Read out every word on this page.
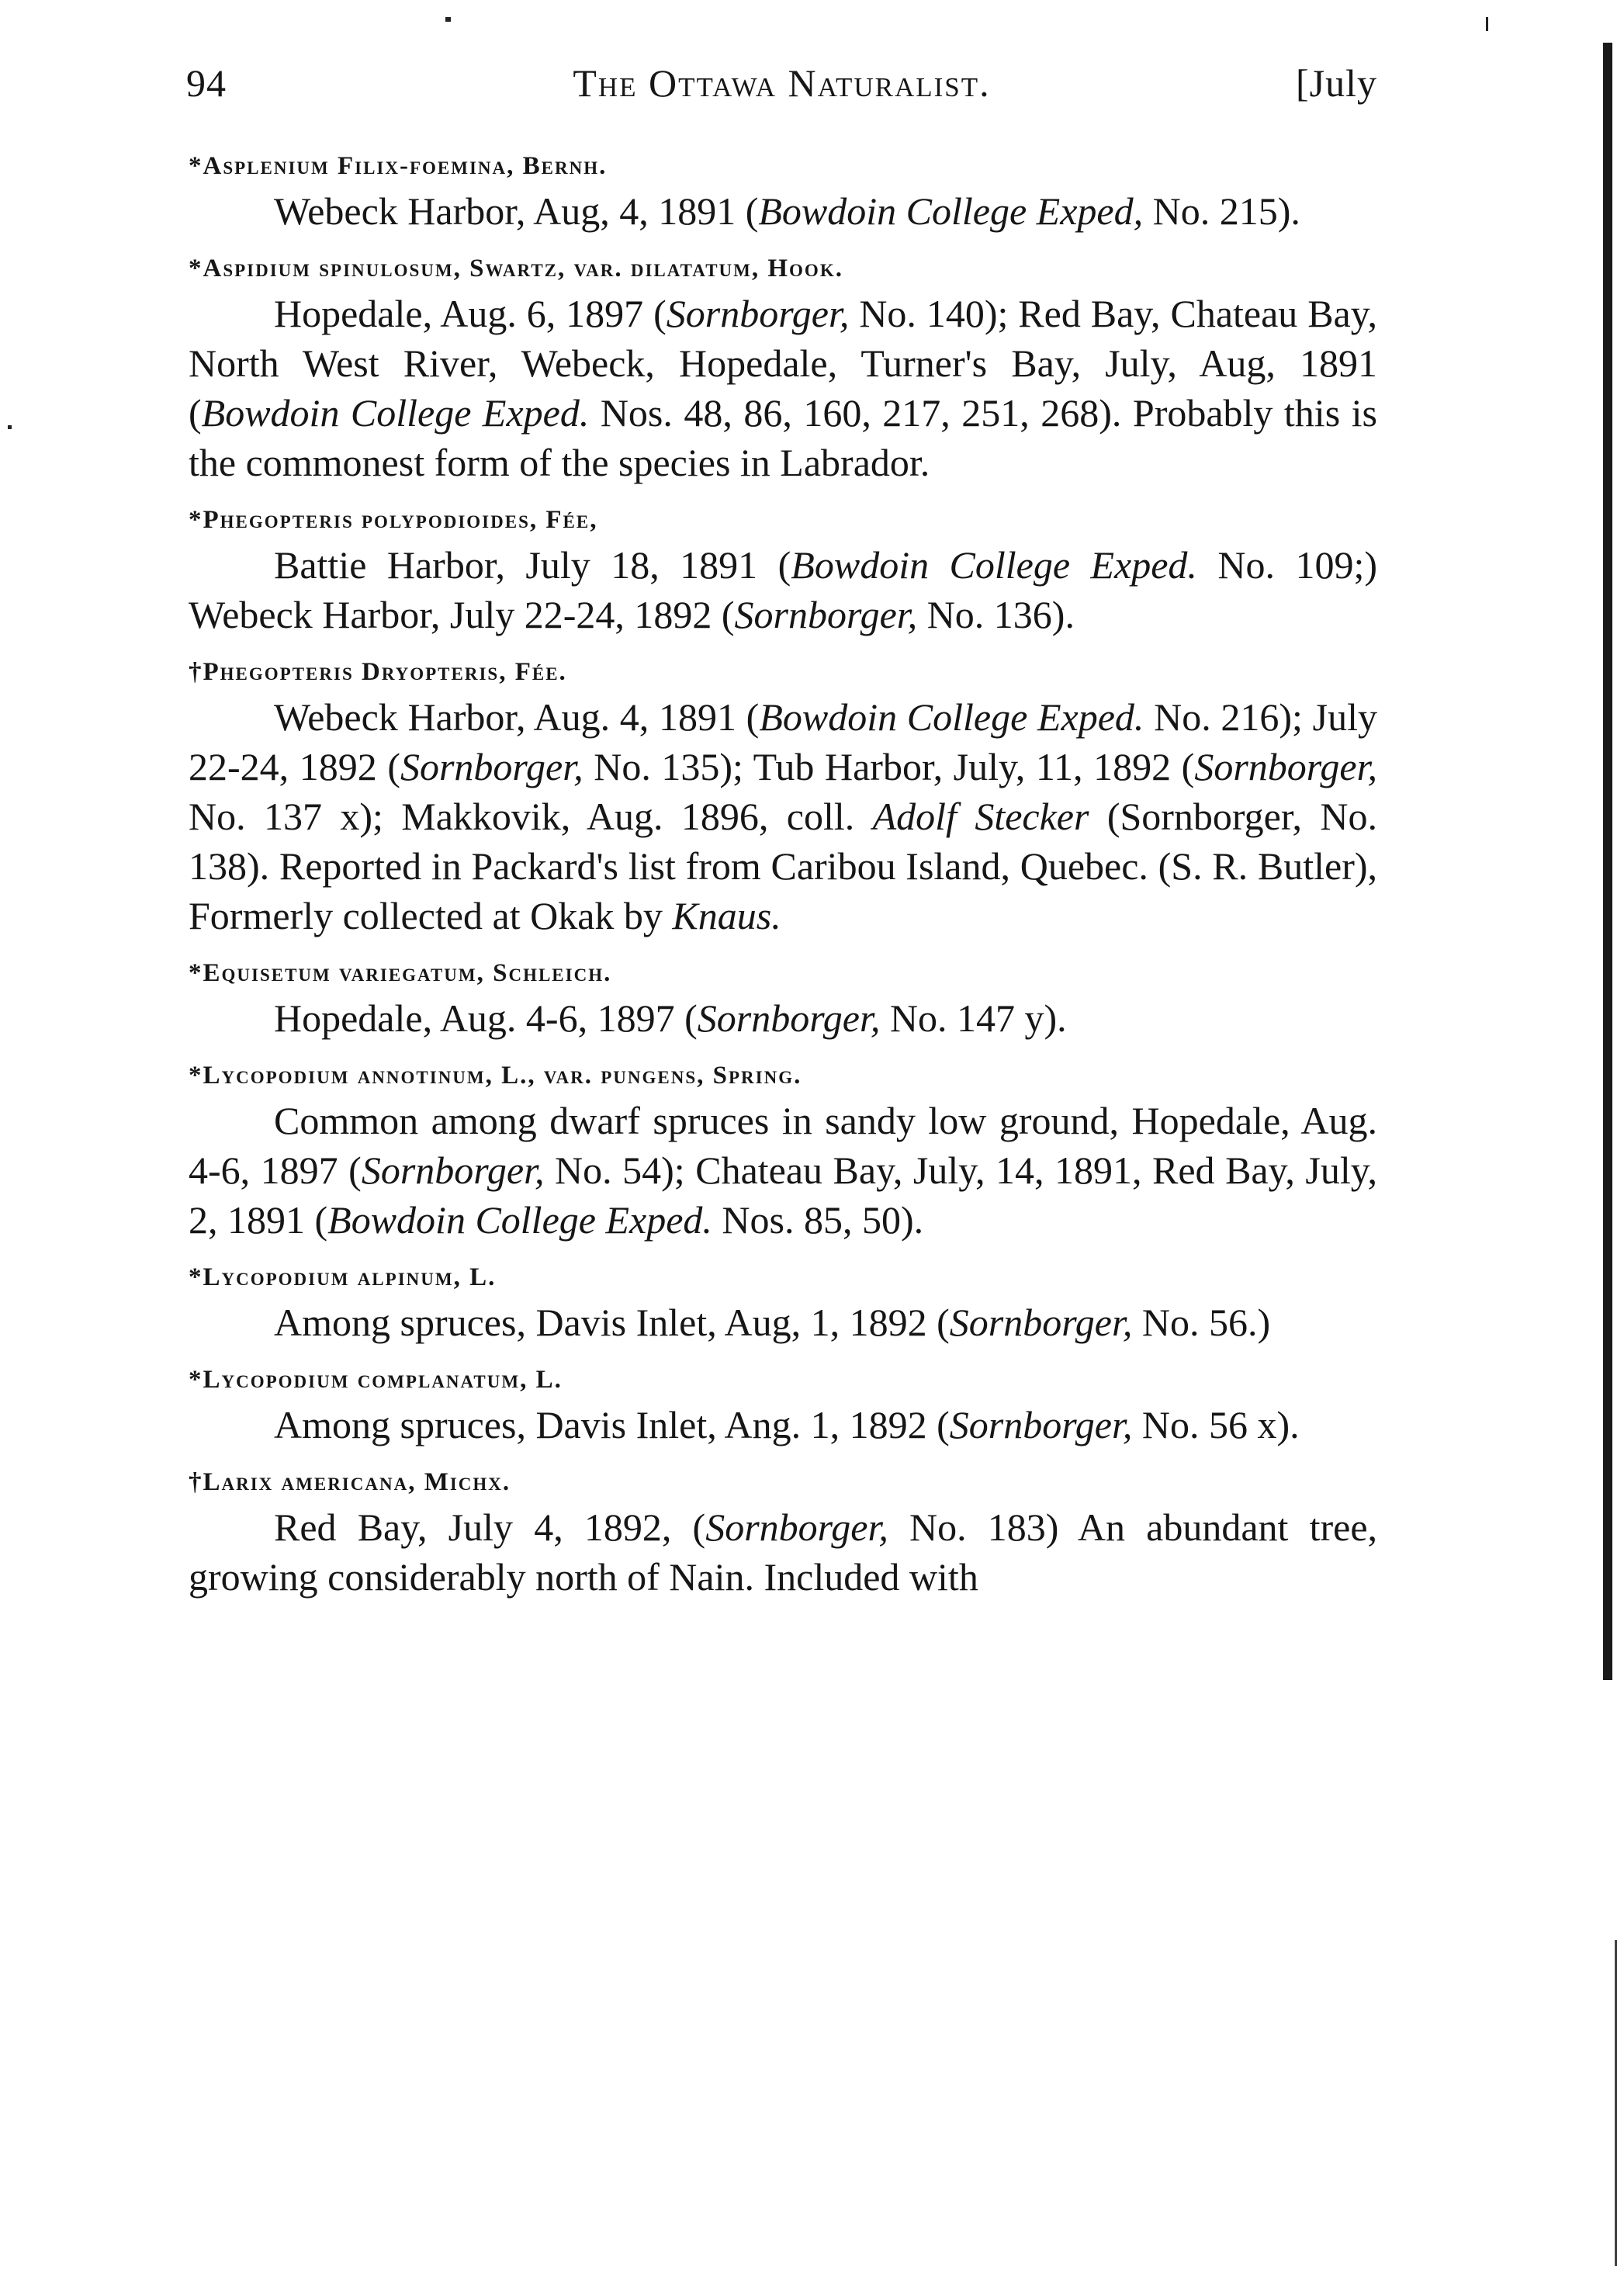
94	The Ottawa Naturalist.	[July

*Asplenium Filix-foemina, Bernh.

Webeck Harbor, Aug, 4, 1891 (Bowdoin College Exped, No. 215).

*Aspidium spinulosum, Swartz, var. dilatatum, Hook.

Hopedale, Aug. 6, 1897 (Sornborger, No. 140); Red Bay, Chateau Bay, North West River, Webeck, Hopedale, Turner's Bay, July, Aug, 1891 (Bowdoin College Exped. Nos. 48, 86, 160, 217, 251, 268). Probably this is the commonest form of the species in Labrador.

*Phegopteris polypodioides, Fée,

Battie Harbor, July 18, 1891 (Bowdoin College Exped. No. 109;) Webeck Harbor, July 22-24, 1892 (Sornborger, No. 136).

†Phegopteris Dryopteris, Fée.

Webeck Harbor, Aug. 4, 1891 (Bowdoin College Exped. No. 216); July 22-24, 1892 (Sornborger, No. 135); Tub Harbor, July, 11, 1892 (Sornborger, No. 137 x); Makkovik, Aug. 1896, coll. Adolf Stecker (Sornborger, No. 138). Reported in Packard's list from Caribou Island, Quebec. (S. R. Butler), Formerly collected at Okak by Knaus.

*Equisetum variegatum, Schleich.

Hopedale, Aug. 4-6, 1897 (Sornborger, No. 147 y).

*Lycopodium annotinum, L., var. pungens, Spring.

Common among dwarf spruces in sandy low ground, Hopedale, Aug. 4-6, 1897 (Sornborger, No. 54); Chateau Bay, July, 14, 1891, Red Bay, July, 2, 1891 (Bowdoin College Exped. Nos. 85, 50).

*Lycopodium alpinum, L.

Among spruces, Davis Inlet, Aug, 1, 1892 (Sornborger, No. 56.)

*Lycopodium complanatum, L.

Among spruces, Davis Inlet, Ang. 1, 1892 (Sornborger, No. 56 x).

†Larix americana, Michx.

Red Bay, July 4, 1892, (Sornborger, No. 183) An abundant tree, growing considerably north of Nain. Included with
